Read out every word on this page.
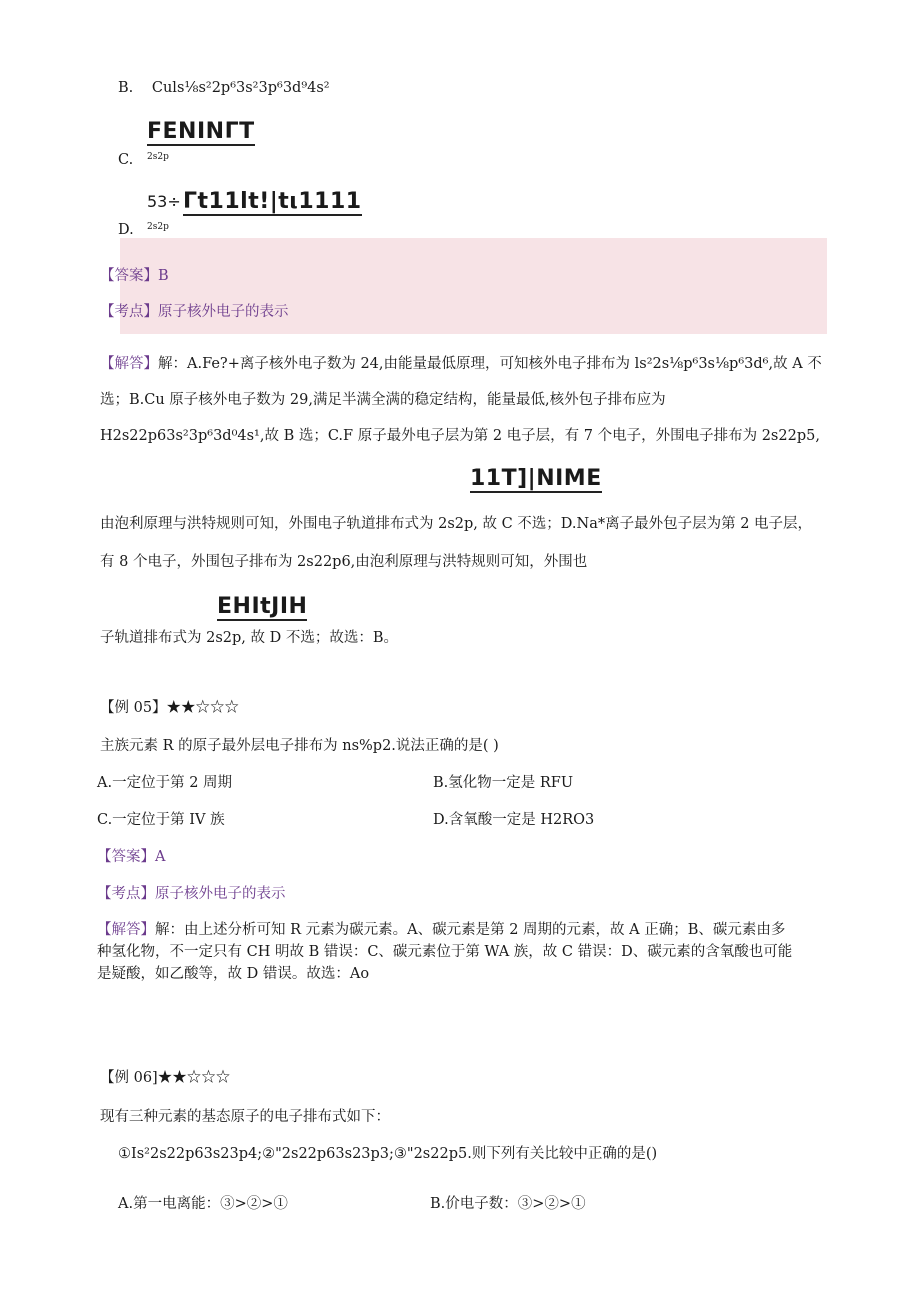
B. Culs⅛s²2p⁶3s²3p⁶3d⁹4s²
FENINΓT
C. 2s2p
53÷ Γt11lt!|tι1111
D. 2s2p
【答案】B
【考点】原子核外电子的表示
【解答】解：A.Fe?+离子核外电子数为 24,由能量最低原理，可知核外电子排布为 ls²2s⅛p⁶3s⅛p⁶3d⁶,故 A 不
选；B.Cu 原子核外电子数为 29,满足半满全满的稳定结构，能量最低,核外包子排布应为
H2s22p63s²3p⁶3d⁰4s¹,故 B 选；C.F 原子最外电子层为第 2 电子层，有 7 个电子，外围电子排布为 2s22p5,
11T]|NIME
由泡利原理与洪特规则可知，外围电子轨道排布式为 2s2p, 故 C 不选；D.Na*离子最外包子层为第 2 电子层，
有 8 个电子，外围包子排布为 2s22p6,由泡利原理与洪特规则可知，外围也
EHItJIH
子轨道排布式为 2s2p, 故 D 不选；故选：B。
【例 05】★★☆☆☆
主族元素 R 的原子最外层电子排布为 ns%p2.说法正确的是( )
A.一定位于第 2 周期	B.氢化物一定是 RFU
C.一定位于第 IV 族	D.含氧酸一定是 H2RO3
【答案】A
【考点】原子核外电子的表示
【解答】解：由上述分析可知 R 元素为碳元素。A、碳元素是第 2 周期的元素，故 A 正确；B、碳元素由多
种氢化物，不一定只有 CH 明故 B 错误：C、碳元素位于第 WA 族，故 C 错误：D、碳元素的含氧酸也可能
是疑酸，如乙酸等，故 D 错误。故选：Ao
【例 06]★★☆☆☆
现有三种元素的基态原子的电子排布式如下：
①Is²2s22p63s23p4;②"2s22p63s23p3;③"2s22p5.则下列有关比较中正确的是()
A.第一电离能：③>②>①	B.价电子数：③>②>①
